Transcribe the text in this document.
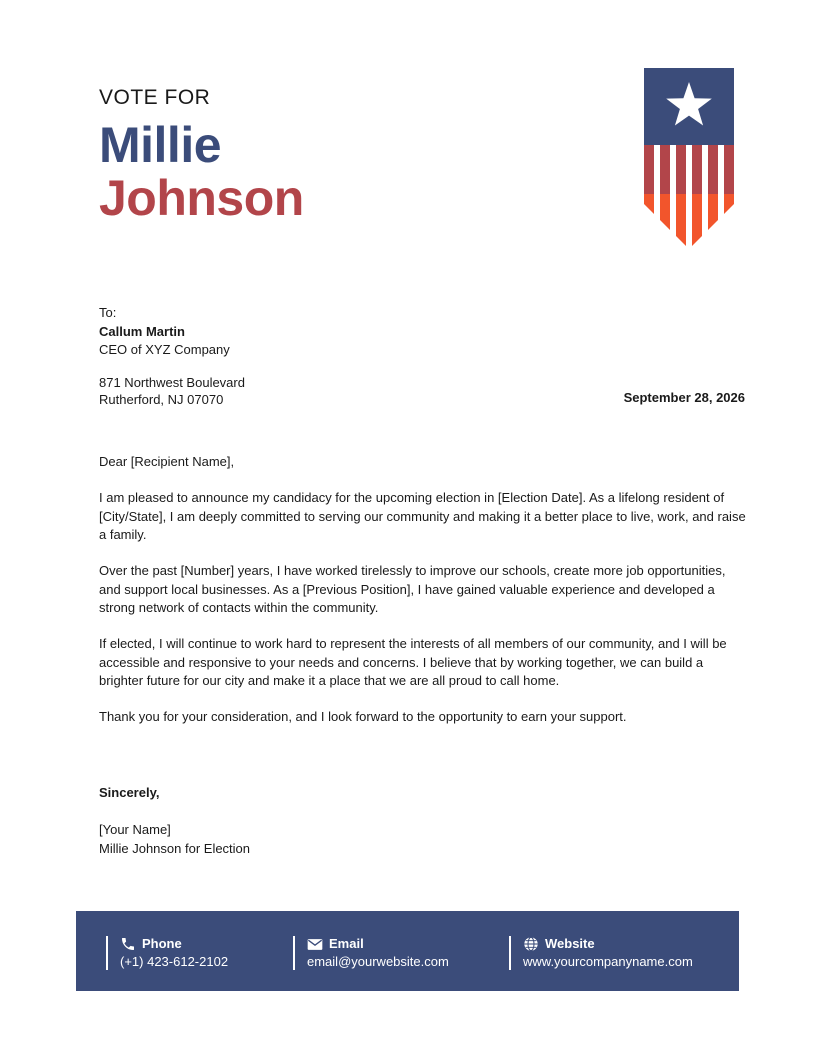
VOTE FOR
Millie
Johnson
To:
Callum Martin
CEO of XYZ Company
871 Northwest Boulevard
Rutherford, NJ 07070	September 28, 2026

Dear [Recipient Name],

I am pleased to announce my candidacy for the upcoming election in [Election Date]. As a lifelong resident of [City/State], I am deeply committed to serving our community and making it a better place to live, work, and raise a family.

Over the past [Number] years, I have worked tirelessly to improve our schools, create more job opportunities, and support local businesses. As a [Previous Position], I have gained valuable experience and developed a strong network of contacts within the community.

If elected, I will continue to work hard to represent the interests of all members of our community, and I will be accessible and responsive to your needs and concerns. I believe that by working together, we can build a brighter future for our city and make it a place that we are all proud to call home.

Thank you for your consideration, and I look forward to the opportunity to earn your support.

Sincerely,
[Your Name]
Millie Johnson for Election
Phone
(+1) 423-612-2102
Email
email@yourwebsite.com
Website
www.yourcompanyname.com
